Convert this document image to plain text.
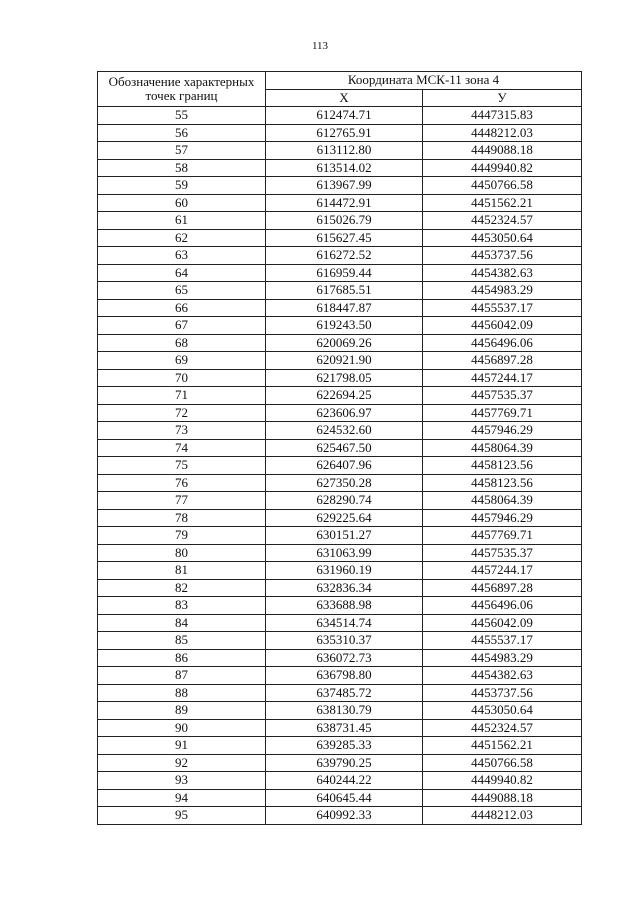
113
Обозначение характерных точек границ	Координата МСК-11 зона 4	
	X	У
55	612474.71	4447315.83
56	612765.91	4448212.03
57	613112.80	4449088.18
58	613514.02	4449940.82
59	613967.99	4450766.58
60	614472.91	4451562.21
61	615026.79	4452324.57
62	615627.45	4453050.64
63	616272.52	4453737.56
64	616959.44	4454382.63
65	617685.51	4454983.29
66	618447.87	4455537.17
67	619243.50	4456042.09
68	620069.26	4456496.06
69	620921.90	4456897.28
70	621798.05	4457244.17
71	622694.25	4457535.37
72	623606.97	4457769.71
73	624532.60	4457946.29
74	625467.50	4458064.39
75	626407.96	4458123.56
76	627350.28	4458123.56
77	628290.74	4458064.39
78	629225.64	4457946.29
79	630151.27	4457769.71
80	631063.99	4457535.37
81	631960.19	4457244.17
82	632836.34	4456897.28
83	633688.98	4456496.06
84	634514.74	4456042.09
85	635310.37	4455537.17
86	636072.73	4454983.29
87	636798.80	4454382.63
88	637485.72	4453737.56
89	638130.79	4453050.64
90	638731.45	4452324.57
91	639285.33	4451562.21
92	639790.25	4450766.58
93	640244.22	4449940.82
94	640645.44	4449088.18
95	640992.33	4448212.03
